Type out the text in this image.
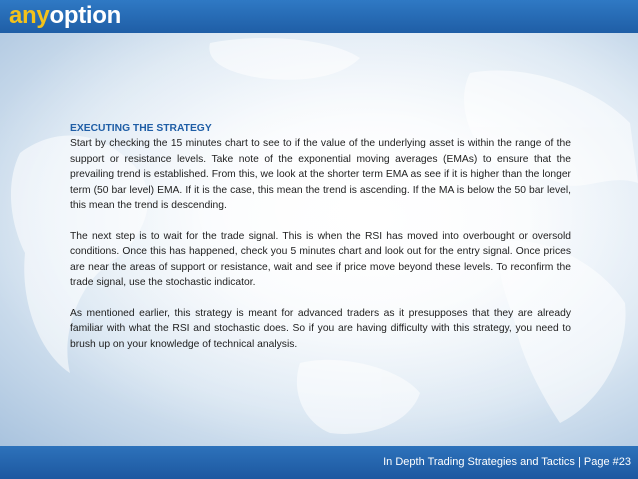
anyoption
EXECUTING THE STRATEGY

Start by checking the 15 minutes chart to see to if the value of the underlying asset is within the range of the support or resistance levels. Take note of the exponential moving averages (EMAs) to ensure that the prevailing trend is established. From this, we look at the shorter term EMA as see if it is higher than the longer term (50 bar level) EMA. If it is the case, this mean the trend is ascending. If the MA is below the 50 bar level, this mean the trend is descending.

The next step is to wait for the trade signal. This is when the RSI has moved into overbought or oversold conditions. Once this has happened, check you 5 minutes chart and look out for the entry signal. Once prices are near the areas of support or resistance, wait and see if price move beyond these levels. To reconfirm the trade signal, use the stochastic indicator.

As mentioned earlier, this strategy is meant for advanced traders as it presupposes that they are already familiar with what the RSI and stochastic does. So if you are having difficulty with this strategy, you need to brush up on your knowledge of technical analysis.

In Depth Trading Strategies and Tactics | Page #23
